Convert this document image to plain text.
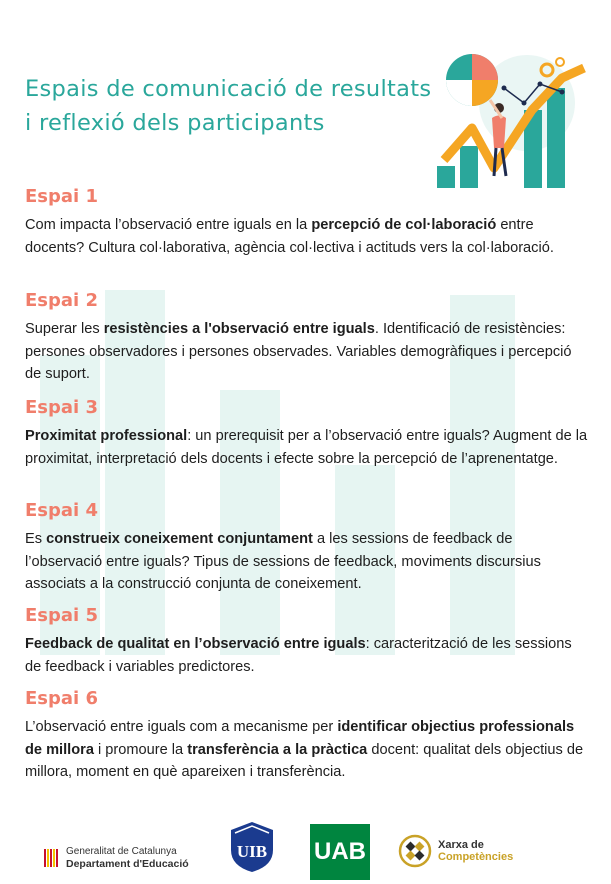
Espais de comunicació de resultats
i reflexió dels participants
Espai 1
Com impacta l’observació entre iguals en la percepció de col·laboració entre docents? Cultura col·laborativa, agència col·lectiva i actituds vers la col·laboració.
Espai 2
Superar les resistències a l'observació entre iguals. Identificació de resistències: persones observadores i persones observades. Variables demogràfiques i percepció de suport.
Espai 3
Proximitat professional: un prerequisit per a l’observació entre iguals? Augment de la proximitat, interpretació dels docents i efecte sobre la percepció de l’aprenentatge.
Espai 4
Es construeix coneixement conjuntament a les sessions de feedback de l’observació entre iguals? Tipus de sessions de feedback, moviments discursius associats a la construcció conjunta de coneixement.
Espai 5
Feedback de qualitat en l’observació entre iguals: caracterització de les sessions de feedback i variables predictores.
Espai 6
L’observació entre iguals com a mecanisme per identificar objectius professionals de millora i promoure la transferència a la pràctica docent: qualitat dels objectius de millora, moment en què apareixen i transferència.
Generalitat de Catalunya
Departament d'Educació
UIB UAB	Xarxa de
Competències
